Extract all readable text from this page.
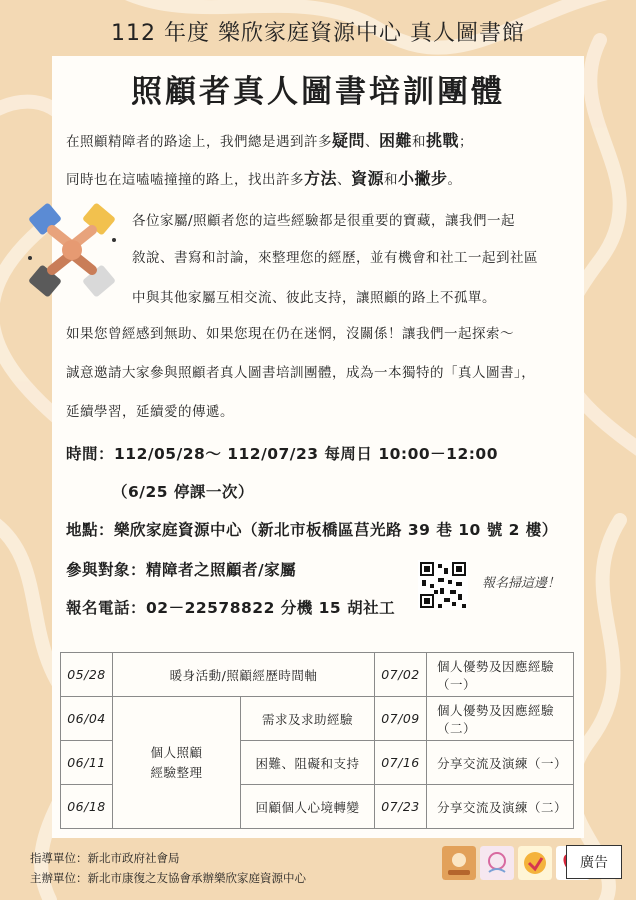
112 年度 樂欣家庭資源中心 真人圖書館
照顧者真人圖書培訓團體
在照顧精障者的路途上，我們總是遇到許多疑問、困難和挑戰；
同時也在這嗑嗑撞撞的路上，找出許多方法、資源和小撇步。
各位家屬/照顧者您的這些經驗都是很重要的寶藏，讓我們一起
敘說、書寫和討論，來整理您的經歷，並有機會和社工一起到社區
中與其他家屬互相交流、彼此支持，讓照顧的路上不孤單。
如果您曾經感到無助、如果您現在仍在迷惘，沒關係！讓我們一起探索～
誠意邀請大家參與照顧者真人圖書培訓團體，成為一本獨特的「真人圖書」，
延續學習，延續愛的傳遞。
時間：112/05/28～ 112/07/23 每周日 10:00－12:00
（6/25 停課一次）
地點：樂欣家庭資源中心（新北市板橋區莒光路 39 巷 10 號 2 樓）
參與對象：精障者之照顧者/家屬
報名電話：02－22578822 分機 15 胡社工
報名掃這邊！
05/28	暖身活動/照顧經歷時間軸		07/02	個人優勢及因應經驗（一）
06/04	個人照顧經驗整理	需求及求助經驗	07/09	個人優勢及因應經驗（二）
06/11		困難、阻礙和支持	07/16	分享交流及演練（一）
06/18		回顧個人心境轉變	07/23	分享交流及演練（二）
指導單位：新北市政府社會局
主辦單位：新北市康復之友協會承辦樂欣家庭資源中心
廣告
